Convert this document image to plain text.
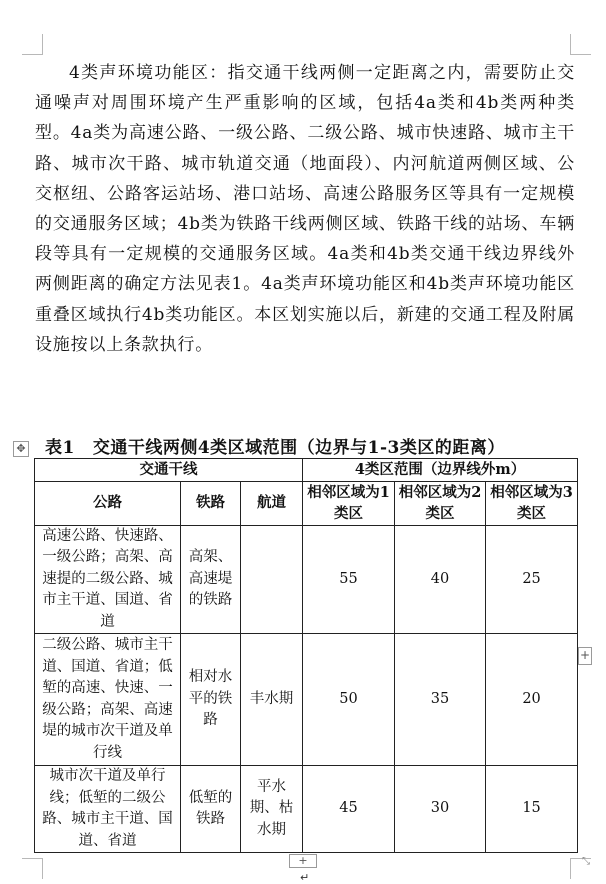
4类声环境功能区：指交通干线两侧一定距离之内，需要防止交通噪声对周围环境产生严重影响的区域，包括4a类和4b类两种类型。4a类为高速公路、一级公路、二级公路、城市快速路、城市主干路、城市次干路、城市轨道交通（地面段）、内河航道两侧区域、公交枢纽、公路客运站场、港口站场、高速公路服务区等具有一定规模的交通服务区域；4b类为铁路干线两侧区域、铁路干线的站场、车辆段等具有一定规模的交通服务区域。4a类和4b类交通干线边界线外两侧距离的确定方法见表1。4a类声环境功能区和4b类声环境功能区重叠区域执行4b类功能区。本区划实施以后，新建的交通工程及附属设施按以上条款执行。

✥ 表1 交通干线两侧4类区域范围（边界与1-3类区的距离）
交通干线			4类区范围（边界线外m）		
公路	铁路	航道	相邻区域为1类区	相邻区域为2类区	相邻区域为3类区
高速公路、快速路、一级公路；高架、高速提的二级公路、城市主干道、国道、省道	高架、高速堤的铁路		55	40	25
二级公路、城市主干道、国道、省道；低堑的高速、快速、一级公路；高架、高速堤的城市次干道及单行线	相对水平的铁路	丰水期	50	35	20
城市次干道及单行线；低堑的二级公路、城市主干道、国道、省道	低堑的铁路	平水期、枯水期	45	30	15
+
+	⤡
↵
